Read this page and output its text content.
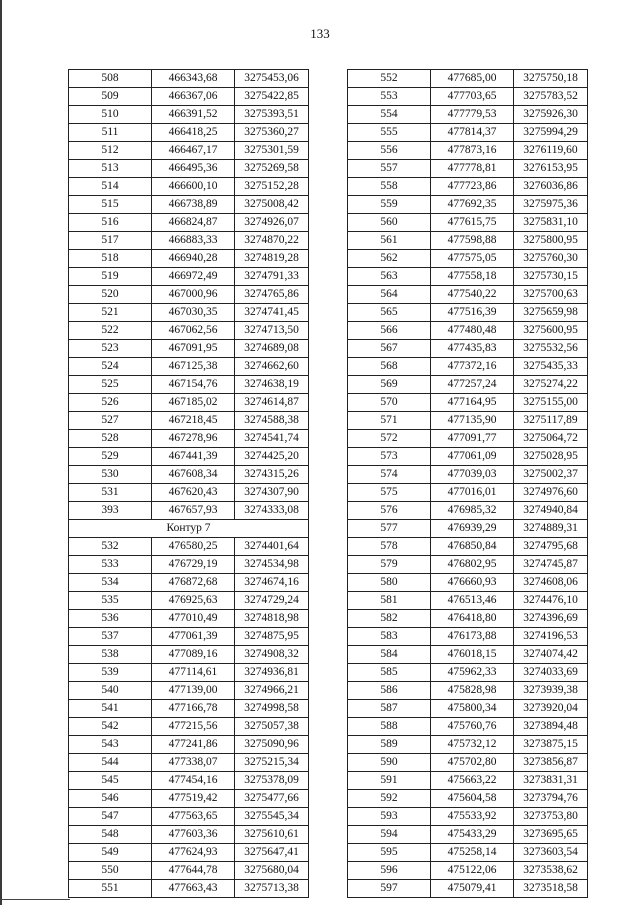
133
508	466343,68	3275453,06
509	466367,06	3275422,85
510	466391,52	3275393,51
511	466418,25	3275360,27
512	466467,17	3275301,59
513	466495,36	3275269,58
514	466600,10	3275152,28
515	466738,89	3275008,42
516	466824,87	3274926,07
517	466883,33	3274870,22
518	466940,28	3274819,28
519	466972,49	3274791,33
520	467000,96	3274765,86
521	467030,35	3274741,45
522	467062,56	3274713,50
523	467091,95	3274689,08
524	467125,38	3274662,60
525	467154,76	3274638,19
526	467185,02	3274614,87
527	467218,45	3274588,38
528	467278,96	3274541,74
529	467441,39	3274425,20
530	467608,34	3274315,26
531	467620,43	3274307,90
393	467657,93	3274333,08
Контур 7		
532	476580,25	3274401,64
533	476729,19	3274534,98
534	476872,68	3274674,16
535	476925,63	3274729,24
536	477010,49	3274818,98
537	477061,39	3274875,95
538	477089,16	3274908,32
539	477114,61	3274936,81
540	477139,00	3274966,21
541	477166,78	3274998,58
542	477215,56	3275057,38
543	477241,86	3275090,96
544	477338,07	3275215,34
545	477454,16	3275378,09
546	477519,42	3275477,66
547	477563,65	3275545,34
548	477603,36	3275610,61
549	477624,93	3275647,41
550	477644,78	3275680,04
551	477663,43	3275713,38
552	477685,00	3275750,18
553	477703,65	3275783,52
554	477779,53	3275926,30
555	477814,37	3275994,29
556	477873,16	3276119,60
557	477778,81	3276153,95
558	477723,86	3276036,86
559	477692,35	3275975,36
560	477615,75	3275831,10
561	477598,88	3275800,95
562	477575,05	3275760,30
563	477558,18	3275730,15
564	477540,22	3275700,63
565	477516,39	3275659,98
566	477480,48	3275600,95
567	477435,83	3275532,56
568	477372,16	3275435,33
569	477257,24	3275274,22
570	477164,95	3275155,00
571	477135,90	3275117,89
572	477091,77	3275064,72
573	477061,09	3275028,95
574	477039,03	3275002,37
575	477016,01	3274976,60
576	476985,32	3274940,84
577	476939,29	3274889,31
578	476850,84	3274795,68
579	476802,95	3274745,87
580	476660,93	3274608,06
581	476513,46	3274476,10
582	476418,80	3274396,69
583	476173,88	3274196,53
584	476018,15	3274074,42
585	475962,33	3274033,69
586	475828,98	3273939,38
587	475800,34	3273920,04
588	475760,76	3273894,48
589	475732,12	3273875,15
590	475702,80	3273856,87
591	475663,22	3273831,31
592	475604,58	3273794,76
593	475533,92	3273753,80
594	475433,29	3273695,65
595	475258,14	3273603,54
596	475122,06	3273538,62
597	475079,41	3273518,58
